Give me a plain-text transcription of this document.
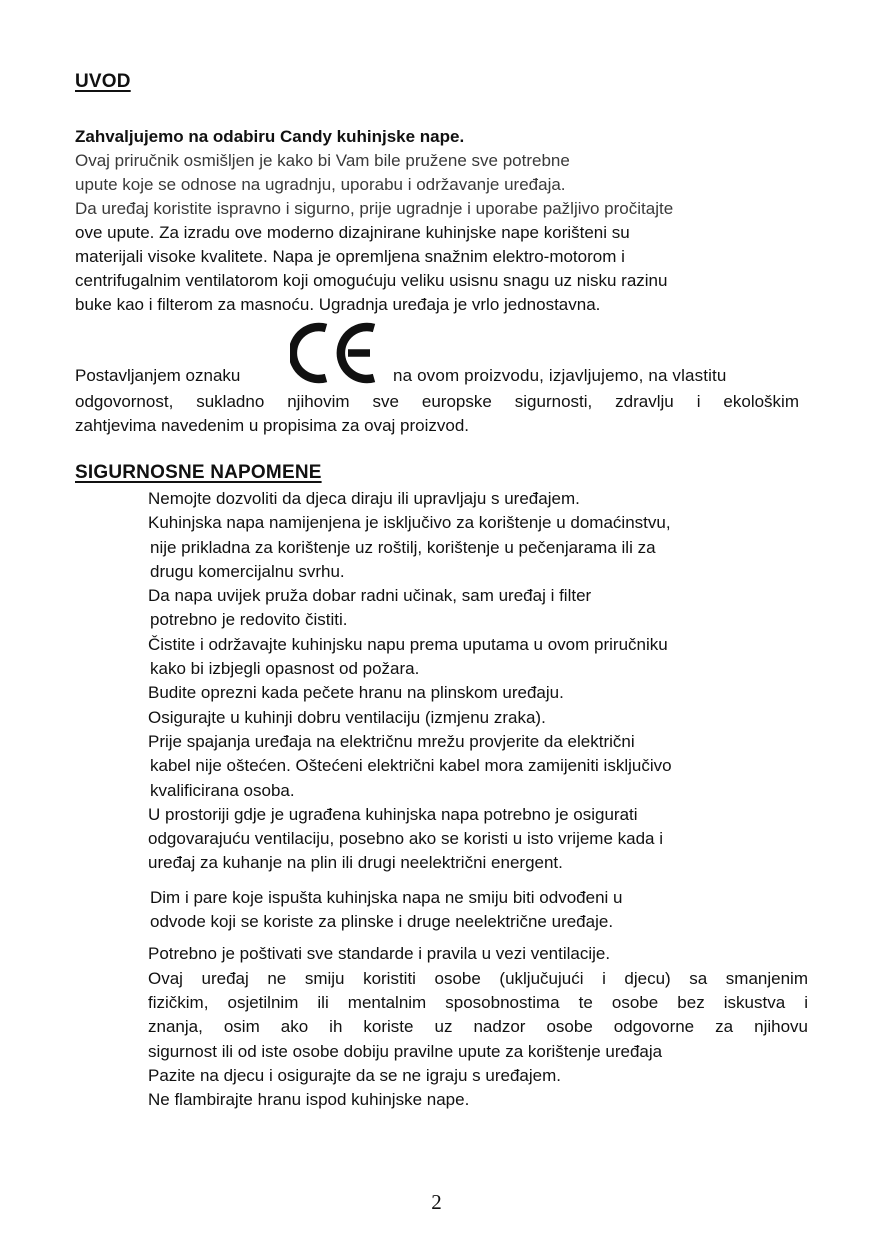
UVOD
Zahvaljujemo na odabiru Candy kuhinjske nape.
Ovaj priručnik osmišljen je kako bi Vam bile pružene sve potrebne
upute koje se odnose na ugradnju, uporabu i održavanje uređaja.
Da uređaj koristite ispravno i sigurno, prije ugradnje i uporabe pažljivo pročitajte
ove upute. Za izradu ove moderno dizajnirane kuhinjske nape korišteni su
materijali visoke kvalitete. Napa je opremljena snažnim elektro-motorom i
centrifugalnim ventilatorom koji omogućuju veliku usisnu snagu uz nisku razinu
buke kao i filterom za masnoću. Ugradnja uređaja je vrlo jednostavna.
Postavljanjem oznaku	na ovom proizvodu, izjavljujemo, na vlastitu
odgovornost, sukladno njihovim sve europske sigurnosti, zdravlju i ekološkim
zahtjevima navedenim u propisima za ovaj proizvod.
SIGURNOSNE NAPOMENE
Nemojte dozvoliti da djeca diraju ili upravljaju s uređajem.
Kuhinjska napa namijenjena je isključivo za korištenje u domaćinstvu,
nije prikladna za korištenje uz roštilj, korištenje u pečenjarama ili za
drugu komercijalnu svrhu.
Da napa uvijek pruža dobar radni učinak, sam uređaj i filter
potrebno je redovito čistiti.
Čistite i održavajte kuhinjsku napu prema uputama u ovom priručniku
kako bi izbjegli opasnost od požara.
Budite oprezni kada pečete hranu na plinskom uređaju.
Osigurajte u kuhinji dobru ventilaciju (izmjenu zraka).
Prije spajanja uređaja na električnu mrežu provjerite da električni
kabel nije oštećen. Oštećeni električni kabel mora zamijeniti isključivo
kvalificirana osoba.
U prostoriji gdje je ugrađena kuhinjska napa potrebno je osigurati
odgovarajuću ventilaciju, posebno ako se koristi u isto vrijeme kada i
uređaj za kuhanje na plin ili drugi neelektrični energent.
Dim i pare koje ispušta kuhinjska napa ne smiju biti odvođeni u
odvode koji se koriste za plinske i druge neelektrične uređaje.
Potrebno je poštivati sve standarde i pravila u vezi ventilacije.
Ovaj uređaj ne smiju koristiti osobe (uključujući i djecu) sa smanjenim
fizičkim, osjetilnim ili mentalnim sposobnostima te osobe bez iskustva i
znanja, osim ako ih koriste uz nadzor osobe odgovorne za njihovu
sigurnost ili od iste osobe dobiju pravilne upute za korištenje uređaja
Pazite na djecu i osigurajte da se ne igraju s uređajem.
Ne flambirajte hranu ispod kuhinjske nape.
2
